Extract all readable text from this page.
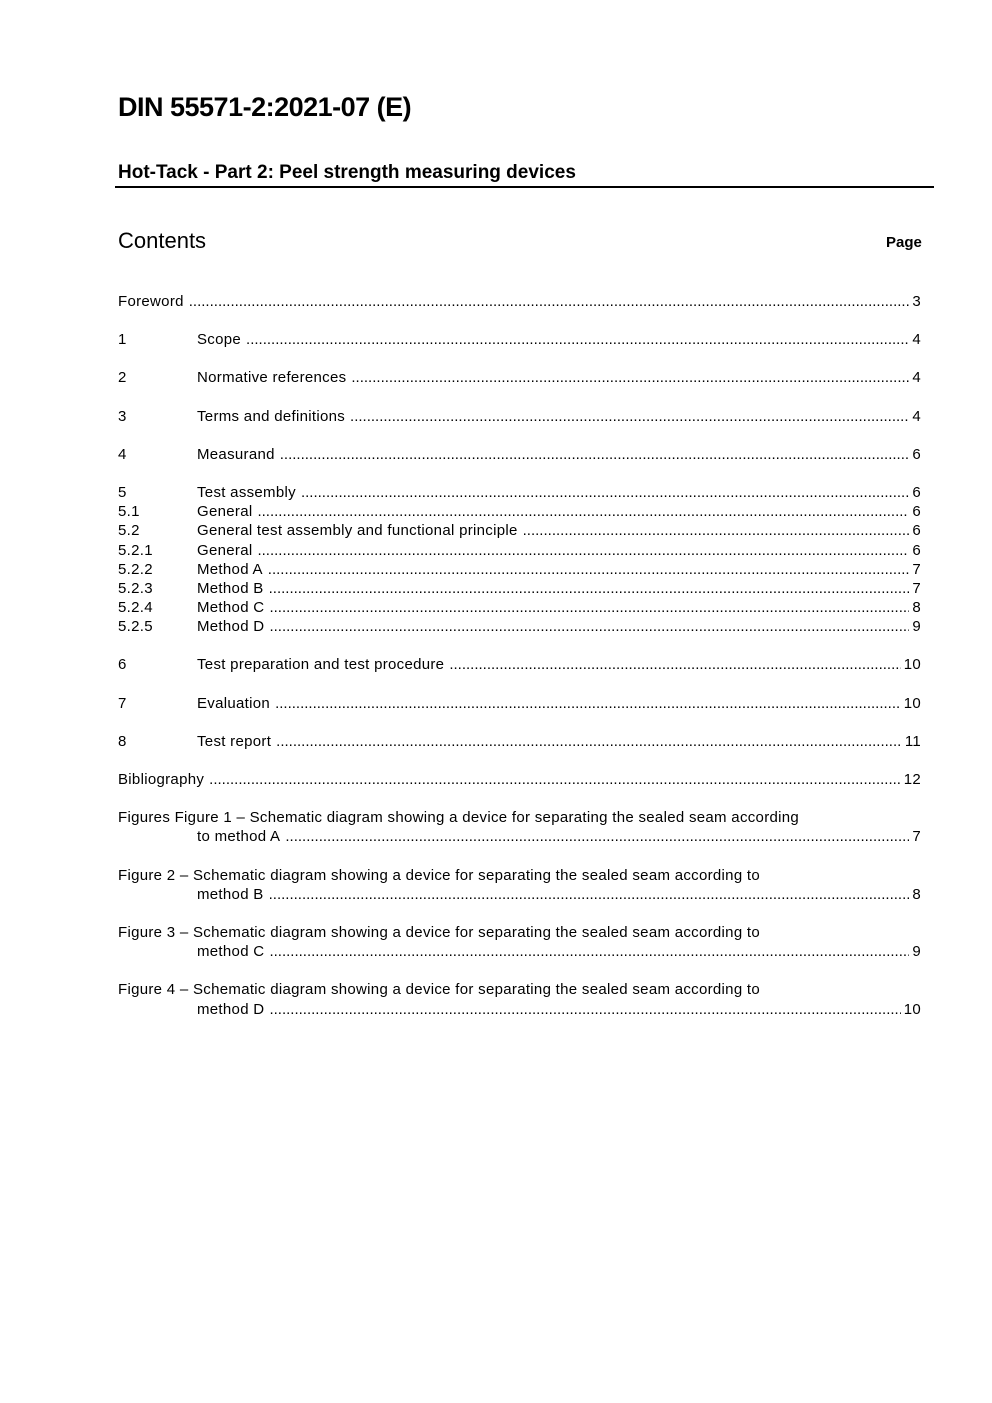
DIN 55571-2:2021-07 (E)
Hot-Tack - Part 2: Peel strength measuring devices
Contents	Page
Foreword .....	3
1	Scope .....	4
2	Normative references .....	4
3	Terms and definitions .....	4
4	Measurand .....	6
5	Test assembly .....	6
5.1	General .....	6
5.2	General test assembly and functional principle .....	6
5.2.1	General .....	6
5.2.2	Method A .....	7
5.2.3	Method B .....	7
5.2.4	Method C .....	8
5.2.5	Method D .....	9
6	Test preparation and test procedure .....	10
7	Evaluation .....	10
8	Test report .....	11
Bibliography .....	12
Figures Figure 1 – Schematic diagram showing a device for separating the sealed seam according
to method A .....	7
Figure 2 – Schematic diagram showing a device for separating the sealed seam according to
method B .....	8
Figure 3 – Schematic diagram showing a device for separating the sealed seam according to
method C .....	9
Figure 4 – Schematic diagram showing a device for separating the sealed seam according to
method D .....	10
